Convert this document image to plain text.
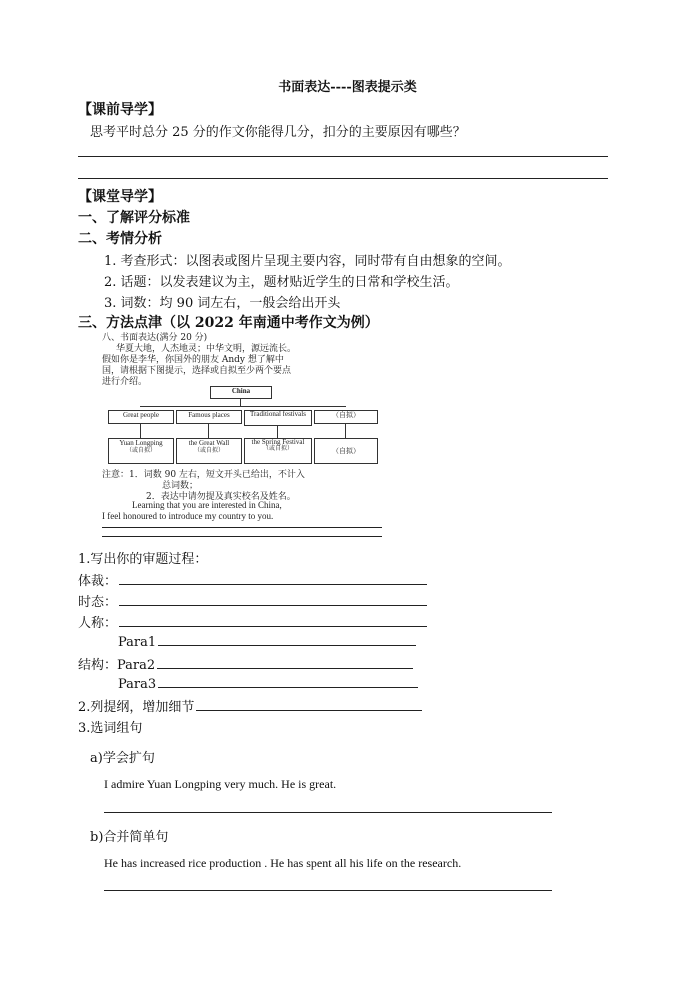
书面表达----图表提示类
【课前导学】
思考平时总分 25 分的作文你能得几分，扣分的主要原因有哪些？
【课堂导学】
一、了解评分标准
二、考情分析
1. 考查形式：以图表或图片呈现主要内容，同时带有自由想象的空间。
2. 话题：以发表建议为主，题材贴近学生的日常和学校生活。
3. 词数：均 90 词左右，一般会给出开头
三、方法点津（以 2022 年南通中考作文为例）
八、书面表达(满分 20 分)
华夏大地，人杰地灵；中华文明，源远流长。
假如你是李华，你国外的朋友 Andy 想了解中
国，请根据下图提示，选择或自拟至少两个要点
进行介绍。
China
Great people	Famous places	Traditional festivals	（自拟）
Yuan Longping
（或自拟）
the Great Wall
（或自拟）
the Spring Festival
（或自拟）	（自拟）
注意：1．词数 90 左右，短文开头已给出，不计入
总词数；
2．表达中请勿提及真实校名及姓名。
Learning that you are interested in China,
I feel honoured to introduce my country to you.
1.写出你的审题过程：
体裁：
时态：
人称：
Para1
结构：Para2
Para3
2.列提纲，增加细节
3.选词组句
a)学会扩句
I admire Yuan Longping very much. He is great.
b)合并简单句
He has increased rice production . He has spent all his life on the research.
